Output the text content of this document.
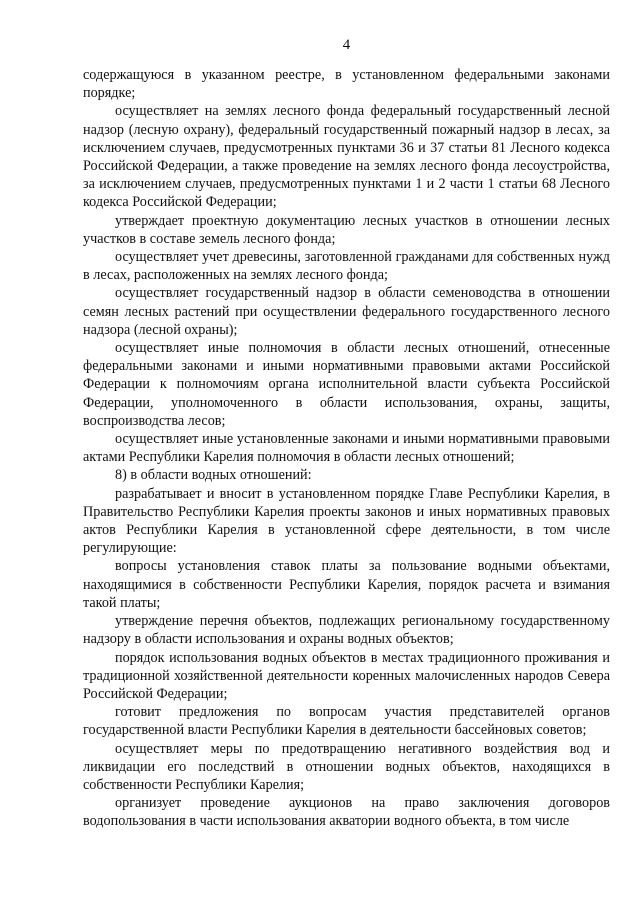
4

содержащуюся в указанном реестре, в установленном федеральными законами порядке;

осуществляет на землях лесного фонда федеральный государственный лесной надзор (лесную охрану), федеральный государственный пожарный надзор в лесах, за исключением случаев, предусмотренных пунктами 36 и 37 статьи 81 Лесного кодекса Российской Федерации, а также проведение на землях лесного фонда лесоустройства, за исключением случаев, предусмотренных пунктами 1 и 2 части 1 статьи 68 Лесного кодекса Российской Федерации;

утверждает проектную документацию лесных участков в отношении лесных участков в составе земель лесного фонда;

осуществляет учет древесины, заготовленной гражданами для собственных нужд в лесах, расположенных на землях лесного фонда;

осуществляет государственный надзор в области семеноводства в отношении семян лесных растений при осуществлении федерального государственного лесного надзора (лесной охраны);

осуществляет иные полномочия в области лесных отношений, отнесенные федеральными законами и иными нормативными правовыми актами Российской Федерации к полномочиям органа исполнительной власти субъекта Российской Федерации, уполномоченного в области использования, охраны, защиты, воспроизводства лесов;

осуществляет иные установленные законами и иными нормативными правовыми актами Республики Карелия полномочия в области лесных отношений;

8) в области водных отношений:

разрабатывает и вносит в установленном порядке Главе Республики Карелия, в Правительство Республики Карелия проекты законов и иных нормативных правовых актов Республики Карелия в установленной сфере деятельности, в том числе регулирующие:

вопросы установления ставок платы за пользование водными объектами, находящимися в собственности Республики Карелия, порядок расчета и взимания такой платы;

утверждение перечня объектов, подлежащих региональному государственному надзору в области использования и охраны водных объектов;

порядок использования водных объектов в местах традиционного проживания и традиционной хозяйственной деятельности коренных малочисленных народов Севера Российской Федерации;

готовит предложения по вопросам участия представителей органов государственной власти Республики Карелия в деятельности бассейновых советов;

осуществляет меры по предотвращению негативного воздействия вод и ликвидации его последствий в отношении водных объектов, находящихся в собственности Республики Карелия;

организует проведение аукционов на право заключения договоров водопользования в части использования акватории водного объекта, в том числе
